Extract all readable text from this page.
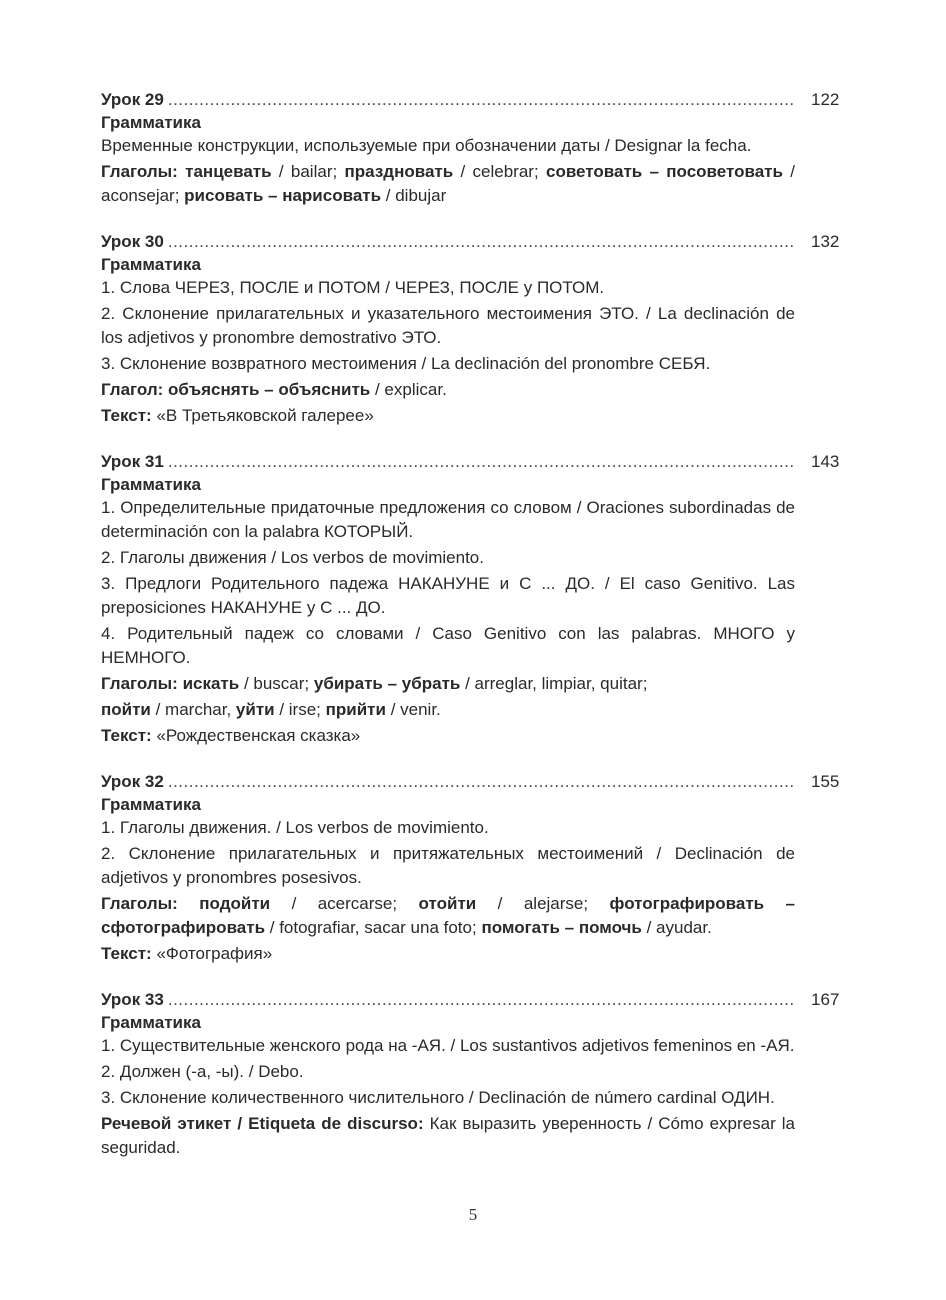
Урок 29 .....	122
Грамматика
Временные конструкции, используемые при обозначении даты / Designar la fecha.
Глаголы: танцевать / bailar; праздновать / celebrar; советовать – посоветовать / aconsejar; рисовать – нарисовать / dibujar
Урок 30 .....	132
Грамматика
1. Слова ЧЕРЕЗ, ПОСЛЕ и ПОТОМ / ЧЕРЕЗ, ПОСЛЕ y ПОТОМ.
2. Склонение прилагательных и указательного местоимения ЭТО. / La declinación de los adjetivos y pronombre demostrativo ЭТО.
3. Склонение возвратного местоимения / La declinación del pronombre СЕБЯ.
Глагол: объяснять – объяснить / explicar.
Текст: «В Третьяковской галерее»
Урок 31 .....	143
Грамматика
1. Определительные придаточные предложения со словом / Oraciones subordinadas de determinación con la palabra КОТОРЫЙ.
2. Глаголы движения / Los verbos de movimiento.
3. Предлоги Родительного падежа НАКАНУНЕ и С ... ДО. / El caso Genitivo. Las preposiciones НАКАНУНЕ y С ... ДО.
4. Родительный падеж со словами / Caso Genitivo con las palabras. МНОГО y НЕМНОГО.
Глаголы: искать / buscar; убирать – убрать / arreglar, limpiar, quitar;
пойти / marchar, уйти / irse; прийти / venir.
Текст: «Рождественская сказка»
Урок 32 .....	155
Грамматика
1. Глаголы движения. / Los verbos de movimiento.
2. Склонение прилагательных и притяжательных местоимений / Declinación de adjetivos y pronombres posesivos.
Глаголы: подойти / acercarse; отойти / alejarse; фотографировать – сфотографировать / fotografiar, sacar una foto; помогать – помочь / ayudar.
Текст: «Фотография»
Урок 33 .....	167
Грамматика
1. Существительные женского рода на -АЯ. / Los sustantivos adjetivos femeninos en -АЯ.
2. Должен (-а, -ы). / Debo.
3. Склонение количественного числительного / Declinación de número cardinal ОДИН.
Речевой этикет / Etiqueta de discurso: Как выразить уверенность / Cómo expresar la seguridad.
5
